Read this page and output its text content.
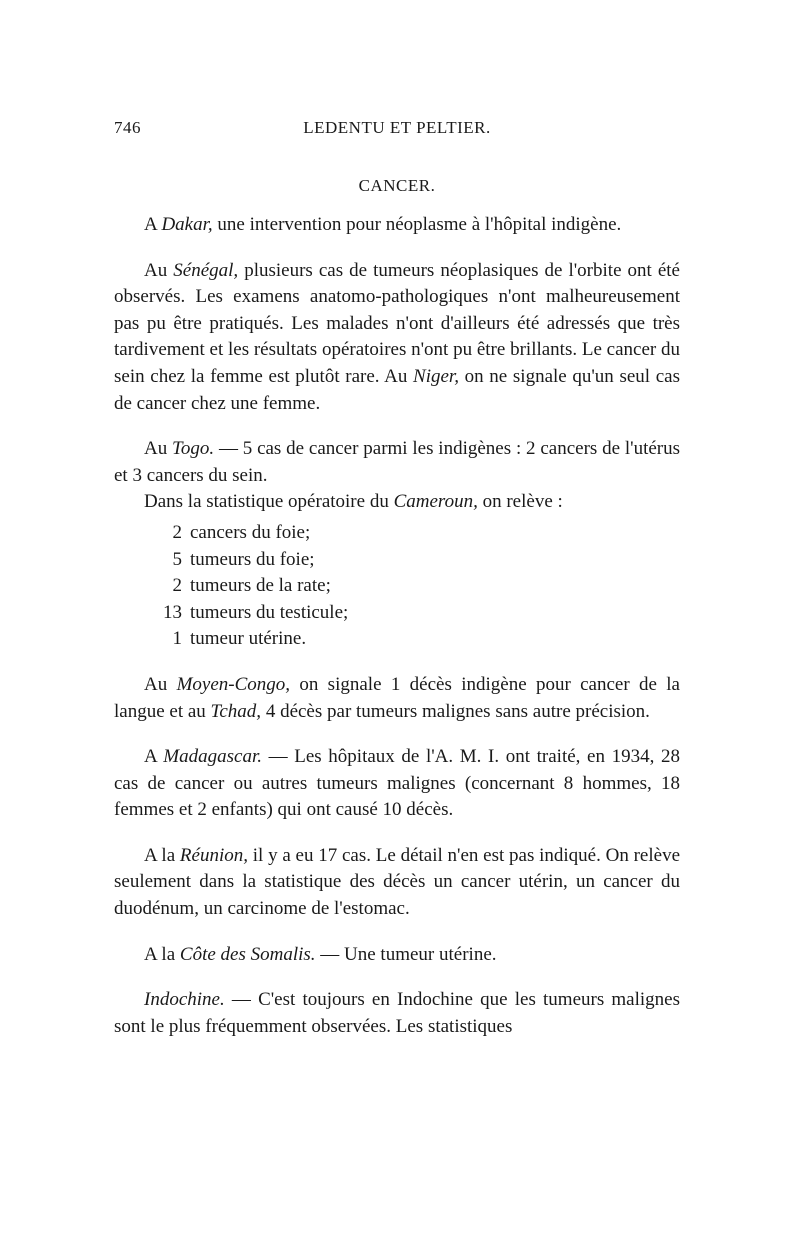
746	LEDENTU ET PELTIER.
CANCER.

A Dakar, une intervention pour néoplasme à l'hôpital indigène.

Au Sénégal, plusieurs cas de tumeurs néoplasiques de l'orbite ont été observés. Les examens anatomo-pathologiques n'ont malheureusement pas pu être pratiqués. Les malades n'ont d'ailleurs été adressés que très tardivement et les résultats opératoires n'ont pu être brillants. Le cancer du sein chez la femme est plutôt rare. Au Niger, on ne signale qu'un seul cas de cancer chez une femme.

Au Togo. — 5 cas de cancer parmi les indigènes : 2 cancers de l'utérus et 3 cancers du sein.

Dans la statistique opératoire du Cameroun, on relève :

2 cancers du foie;
5 tumeurs du foie;
2 tumeurs de la rate;
13 tumeurs du testicule;
1 tumeur utérine.

Au Moyen-Congo, on signale 1 décès indigène pour cancer de la langue et au Tchad, 4 décès par tumeurs malignes sans autre précision.

A Madagascar. — Les hôpitaux de l'A. M. I. ont traité, en 1934, 28 cas de cancer ou autres tumeurs malignes (concernant 8 hommes, 18 femmes et 2 enfants) qui ont causé 10 décès.

A la Réunion, il y a eu 17 cas. Le détail n'en est pas indiqué. On relève seulement dans la statistique des décès un cancer utérin, un cancer du duodénum, un carcinome de l'estomac.

A la Côte des Somalis. — Une tumeur utérine.

Indochine. — C'est toujours en Indochine que les tumeurs malignes sont le plus fréquemment observées. Les statistiques
